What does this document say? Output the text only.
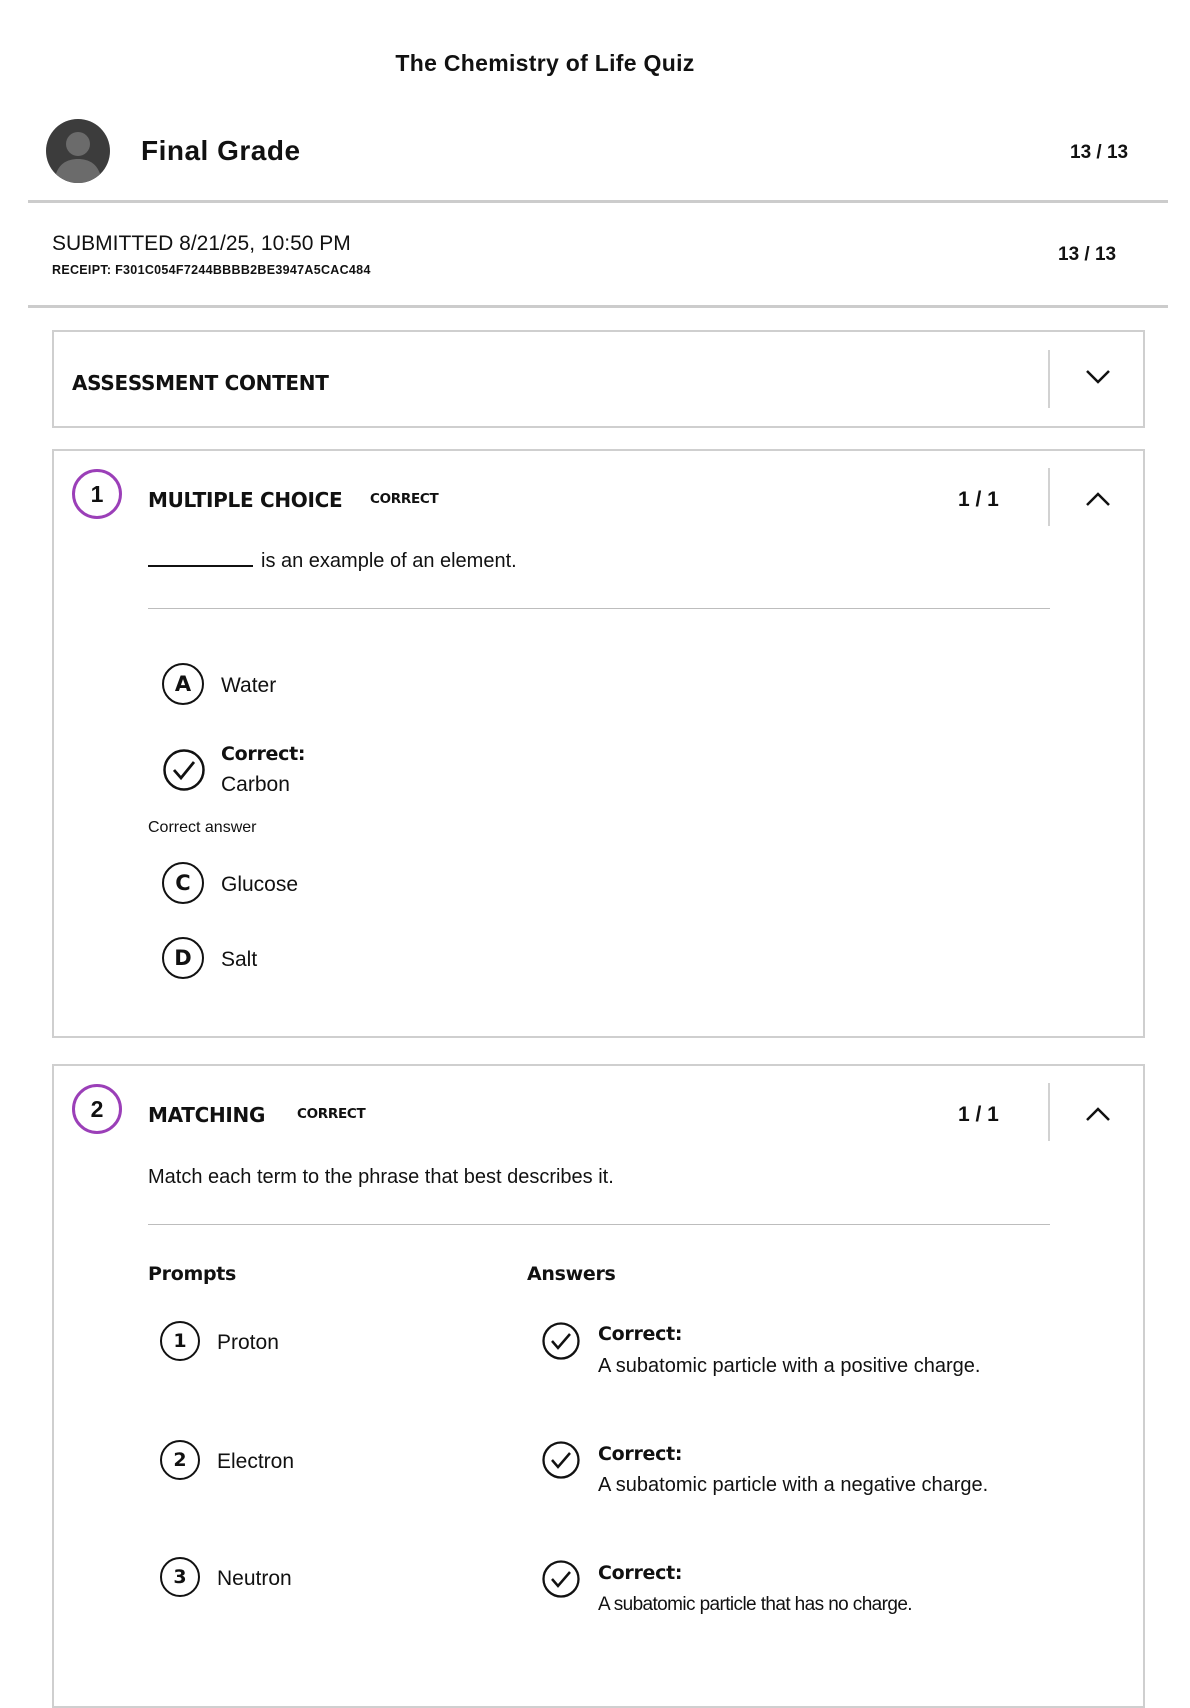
The Chemistry of Life Quiz
Final Grade	13 / 13
SUBMITTED 8/21/25, 10:50 PM
RECEIPT: F301C054F7244BBBB2BE3947A5CAC484
13 / 13
ASSESSMENT CONTENT
1	MULTIPLE CHOICE CORRECT	1 / 1
is an example of an element.
A	Water
Correct:
Carbon
Correct answer
C	Glucose
D	Salt
2	MATCHING CORRECT	1 / 1
Match each term to the phrase that best describes it.
Prompts	Answers
1	Proton	Correct:
A subatomic particle with a positive charge.
2	Electron	Correct:
A subatomic particle with a negative charge.
3	Neutron	Correct:
A subatomic particle that has no charge.
